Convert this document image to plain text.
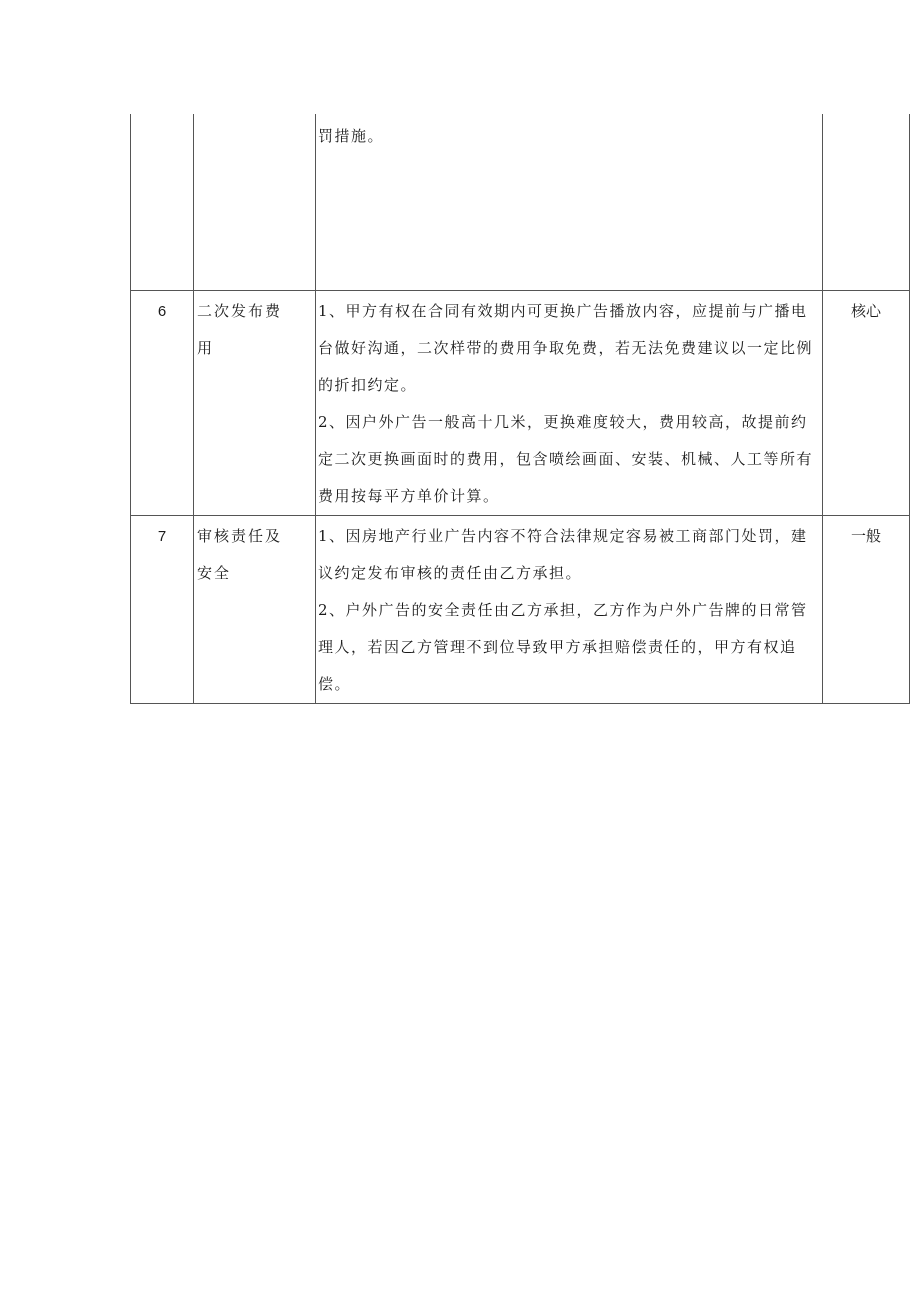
		罚措施。	

6	二次发布费用	1、甲方有权在合同有效期内可更换广告播放内容，应提前与广播电台做好沟通，二次样带的费用争取免费，若无法免费建议以一定比例的折扣约定。
2、因户外广告一般高十几米，更换难度较大，费用较高，故提前约定二次更换画面时的费用，包含喷绘画面、安装、机械、人工等所有费用按每平方单价计算。	核心

7	审核责任及安全	1、因房地产行业广告内容不符合法律规定容易被工商部门处罚，建议约定发布审核的责任由乙方承担。
2、户外广告的安全责任由乙方承担，乙方作为户外广告牌的日常管理人，若因乙方管理不到位导致甲方承担赔偿责任的，甲方有权追偿。	一般
